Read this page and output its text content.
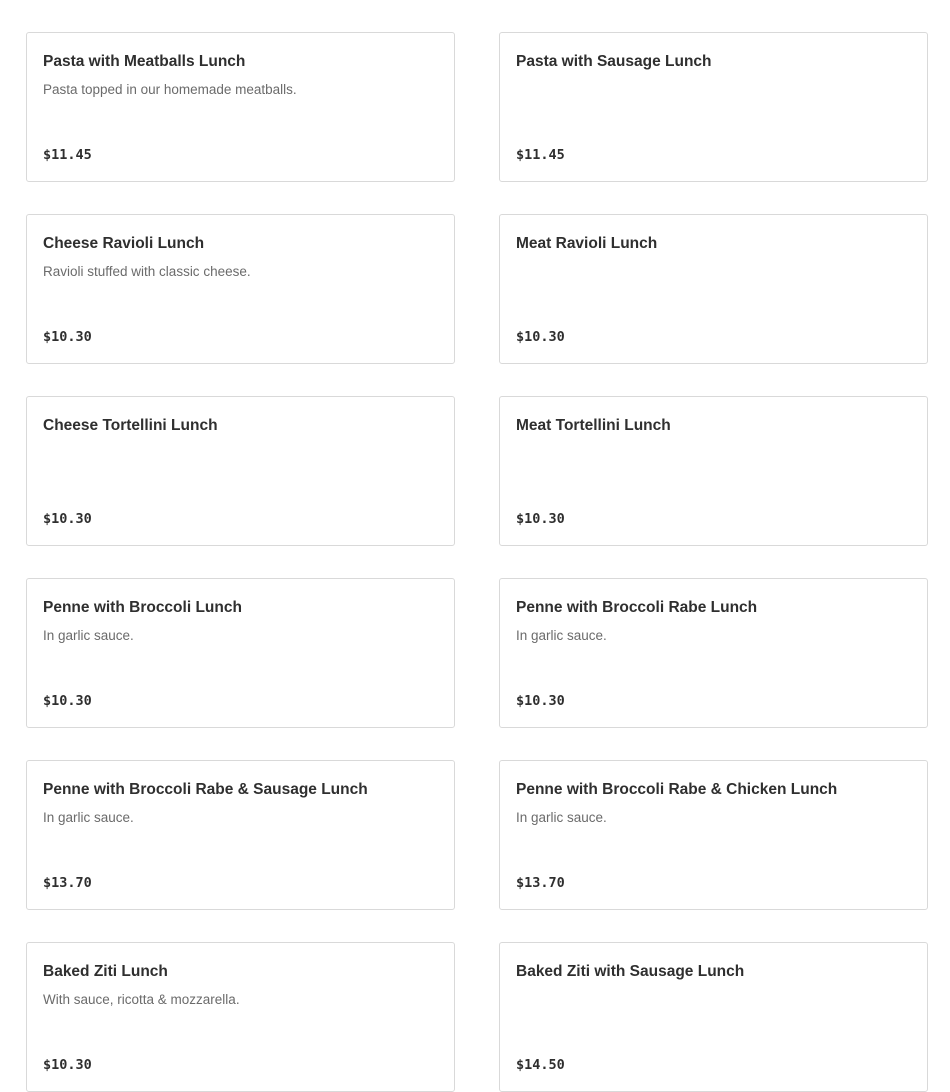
Pasta with Meatballs Lunch
Pasta topped in our homemade meatballs.
$11.45
Pasta with Sausage Lunch
$11.45
Cheese Ravioli Lunch
Ravioli stuffed with classic cheese.
$10.30
Meat Ravioli Lunch
$10.30
Cheese Tortellini Lunch
$10.30
Meat Tortellini Lunch
$10.30
Penne with Broccoli Lunch
In garlic sauce.
$10.30
Penne with Broccoli Rabe Lunch
In garlic sauce.
$10.30
Penne with Broccoli Rabe & Sausage Lunch
In garlic sauce.
$13.70
Penne with Broccoli Rabe & Chicken Lunch
In garlic sauce.
$13.70
Baked Ziti Lunch
With sauce, ricotta & mozzarella.
$10.30
Baked Ziti with Sausage Lunch
$14.50
